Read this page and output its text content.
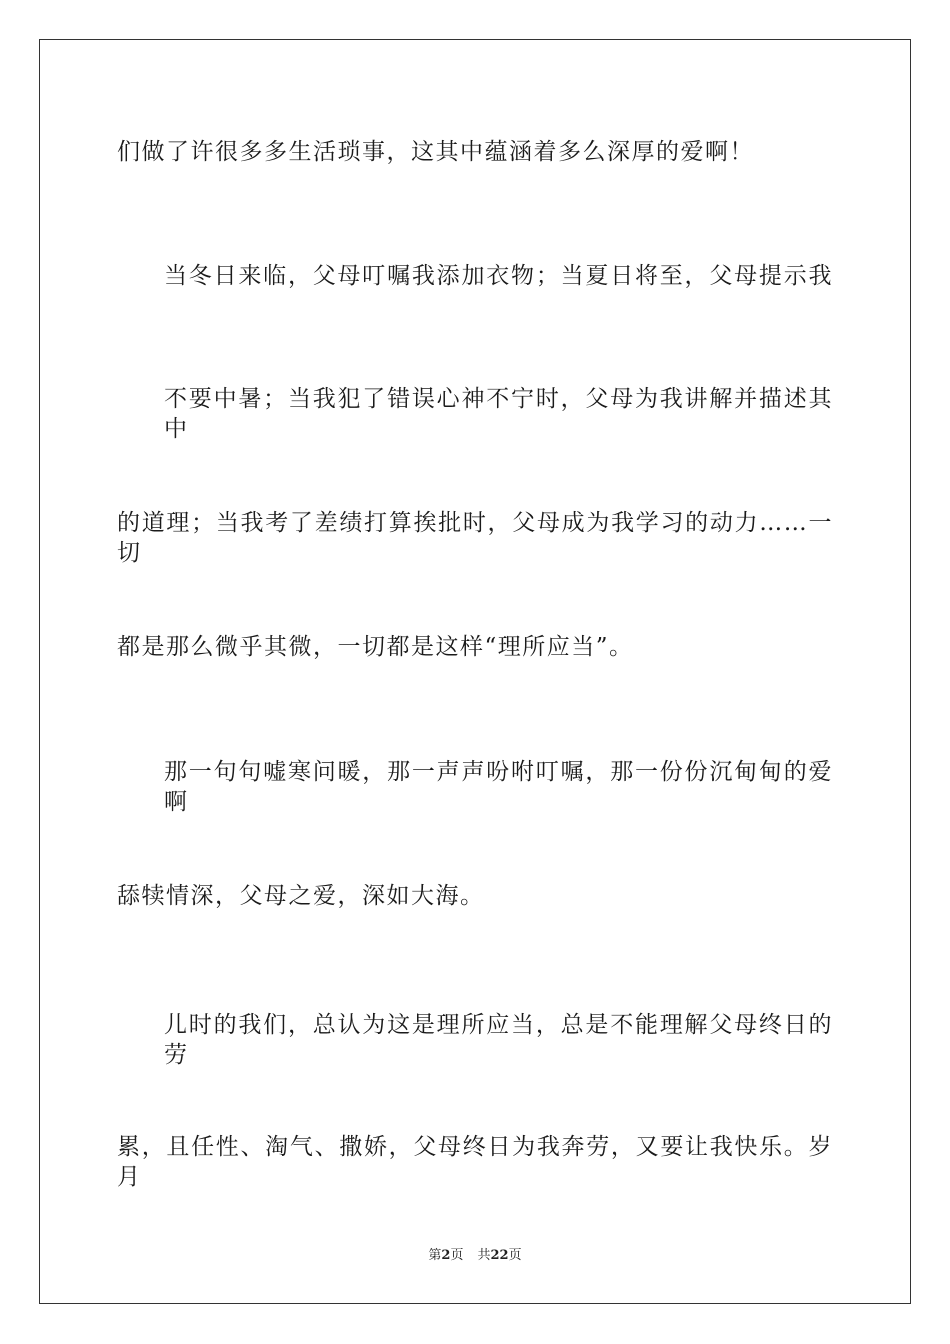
们做了许很多多生活琐事，这其中蕴涵着多么深厚的爱啊！
当冬日来临，父母叮嘱我添加衣物；当夏日将至，父母提示我
不要中暑；当我犯了错误心神不宁时，父母为我讲解并描述其中
的道理；当我考了差绩打算挨批时，父母成为我学习的动力……一切
都是那么微乎其微，一切都是这样“理所应当”。
那一句句嘘寒问暖，那一声声吩咐叮嘱，那一份份沉甸甸的爱啊
舔犊情深，父母之爱，深如大海。
儿时的我们，总认为这是理所应当，总是不能理解父母终日的劳
累，且任性、淘气、撒娇，父母终日为我奔劳，又要让我快乐。岁月
第2页 共22页
